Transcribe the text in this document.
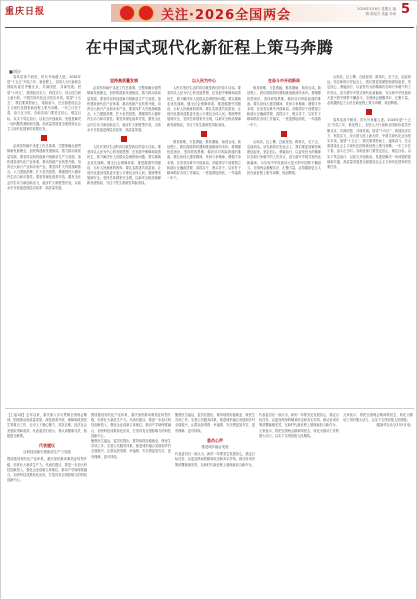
重庆日报	关注·2026全国两会	2026年3月6日 星期五 编辑 廖焰方 美编 李涛 5
在中国式现代化新征程上策马奔腾
■刘沙

春风浩荡千帆竞，时代号角催人进。2026年是“十五五”开局之年，新征程上，全国人大代表和全国政协委员齐聚北京，共商国是、共谋发展。回望“十四五”，我国经济实力、科技实力、综合国力跃上新台阶，中国式现代化迈出坚实步伐。展望“十五五”，我们要乘势而上、接续奋斗，在全面建设社会主义现代化国家新征程上策马奔腾。一年之计在于春，奋斗正当时。各地各部门要坚定信心、锚定目标，以实干笃定前行，以担当开创新局。发展是解决一切问题的基础和关键。高质量发展是全面建设社会主义现代化国家的首要任务。

必须坚持稳中求进工作总基调，完整准确全面贯彻新发展理念，加快构建新发展格局，着力推动高质量发展。要坚持以科技创新引领新质生产力发展，加快建设现代化产业体系，推动传统产业转型升级，培育壮大新兴产业和未来产业。要坚持扩大内需战略基点，大力提振消费，扩大有效投资，增强国内大循环内生动力和可靠性。要坚持深化改革开放，激发全社会内生动力和创新活力，稳步扩大制度型开放，以高水平开放促进深层次改革、高质量发展。

坚持高质量发展

必须坚持稳中求进工作总基调，完整准确全面贯彻新发展理念，加快构建新发展格局，着力推动高质量发展。要坚持以科技创新引领新质生产力发展，加快建设现代化产业体系，推动传统产业转型升级，培育壮大新兴产业和未来产业。要坚持扩大内需战略基点，大力提振消费，扩大有效投资，增强国内大循环内生动力和可靠性。要坚持深化改革开放，激发全社会内生动力和创新活力，稳步扩大制度型开放，以高水平开放促进深层次改革、高质量发展。

人民对美好生活的向往就是我们的奋斗目标。要坚持以人民为中心的发展思想，在发展中保障和改善民生，着力解决好人民群众急难愁盼问题。要实施就业优先战略，健全社会保障体系，推进健康中国建设，办好人民满意的教育。要扎实推进共同富裕，让现代化建设成果更多更公平惠及全体人民。要统筹发展和安全，坚持总体国家安全观，以新安全格局保障新发展格局，守住不发生系统性风险底线。

以人民为中心

人民对美好生活的向往就是我们的奋斗目标。要坚持以人民为中心的发展思想，在发展中保障和改善民生，着力解决好人民群众急难愁盼问题。要实施就业优先战略，健全社会保障体系，推进健康中国建设，办好人民满意的教育。要扎实推进共同富裕，让现代化建设成果更多更公平惠及全体人民。要统筹发展和安全，坚持总体国家安全观，以新安全格局保障新发展格局，守住不发生系统性风险底线。

惟其艰难，方显勇毅；惟其磨砺，始得玉成。新征程上，我们面临的机遇和挑战都前所未有。要增强忧患意识，坚持底线思维，做好应对风险挑战的准备。要弘扬伟大建党精神，发扬斗争精神，增强斗争本领，在攻坚克难中开创新局。各级领导干部要树立和践行正确政绩观，真抓实干、埋头苦干，以钉钉子精神抓好各项工作落实，一张蓝图绘到底，一年接着一年干。

在奋斗中开创新局

惟其艰难，方显勇毅；惟其磨砺，始得玉成。新征程上，我们面临的机遇和挑战都前所未有。要增强忧患意识，坚持底线思维，做好应对风险挑战的准备。要弘扬伟大建党精神，发扬斗争精神，增强斗争本领，在攻坚克难中开创新局。各级领导干部要树立和践行正确政绩观，真抓实干、埋头苦干，以钉钉子精神抓好各项工作落实，一张蓝图绘到底，一年接着一年干。

山再高，往上攀，总能登顶；路再长，走下去，定能到达。站在新的历史起点上，我们要更加紧密地团结起来，坚定信心，勇毅前行，以奋发有为的精神状态和只争朝夕的工作劲头，奋力谱写中国式现代化新篇章，为实现中华民族伟大复兴的中国梦不懈奋斗。全国两会凝聚共识、汇聚力量，必将激励亿万人民在新征程上策马奔腾、再创辉煌。

山再高，往上攀，总能登顶；路再长，走下去，定能到达。站在新的历史起点上，我们要更加紧密地团结起来，坚定信心，勇毅前行，以奋发有为的精神状态和只争朝夕的工作劲头，奋力谱写中国式现代化新篇章，为实现中华民族伟大复兴的中国梦不懈奋斗。全国两会凝聚共识、汇聚力量，必将激励亿万人民在新征程上策马奔腾、再创辉煌。

春风浩荡千帆竞，时代号角催人进。2026年是“十五五”开局之年，新征程上，全国人大代表和全国政协委员齐聚北京，共商国是、共谋发展。回望“十四五”，我国经济实力、科技实力、综合国力跃上新台阶，中国式现代化迈出坚实步伐。展望“十五五”，我们要乘势而上、接续奋斗，在全面建设社会主义现代化国家新征程上策马奔腾。一年之计在于春，奋斗正当时。各地各部门要坚定信心、锚定目标，以实干笃定前行，以担当开创新局。发展是解决一切问题的基础和关键。高质量发展是全面建设社会主义现代化国家的首要任务。

【上接1版】去年以来，重庆深入学习贯彻全国两会精神，围绕推动高质量发展、深化改革开放、保障和改善民生等重点工作，全市上下凝心聚力、攻坚克难，经济社会发展取得新成效。代表委员们表示，将认真履职尽责，积极建言献策。

代表建议
以科技创新引领新质生产力发展

围绕建设现代化产业体系，重庆加快推动制造业转型升级，培育壮大新质生产力。代表们建议，要进一步加大科技创新投入，强化企业创新主体地位，推动产学研深度融合，加快科技成果转化应用，打造具有全国影响力的科技创新中心。

围绕建设现代化产业体系，重庆加快推动制造业转型升级，培育壮大新质生产力。代表们建议，要进一步加大科技创新投入，强化企业创新主体地位，推动产学研深度融合，加快科技成果转化应用，打造具有全国影响力的科技创新中心。

聚焦民生福祉，委员们提出，要持续抓好稳就业、保民生各项工作，完善公共服务体系，推进城乡融合发展和乡村全面振兴，让群众获得感、幸福感、安全感更加充实、更有保障、更可持续。

聚焦民生福祉，委员们提出，要持续抓好稳就业、保民生各项工作，完善公共服务体系，推进城乡融合发展和乡村全面振兴，让群众获得感、幸福感、安全感更加充实、更有保障、更可持续。

委员心声
推进城乡融合发展

代表委员们一致认为，新的一年要坚定发展信心，锚定目标任务，以更加昂扬的精神状态和务实作风，推动各项决策部署落地见效，在新时代新征程上展现新担当新作为。

代表委员们一致认为，新的一年要坚定发展信心，锚定目标任务，以更加昂扬的精神状态和务实作风，推动各项决策部署落地见效，在新时代新征程上展现新担当新作为。

大家表示，将把全国两会精神带回去，转化为推动工作的强大动力，以实干实绩回报人民期待。

大家表示，将把全国两会精神带回去，转化为推动工作的强大动力，以实干实绩回报人民期待。

（据新华社北京3月5日电）
